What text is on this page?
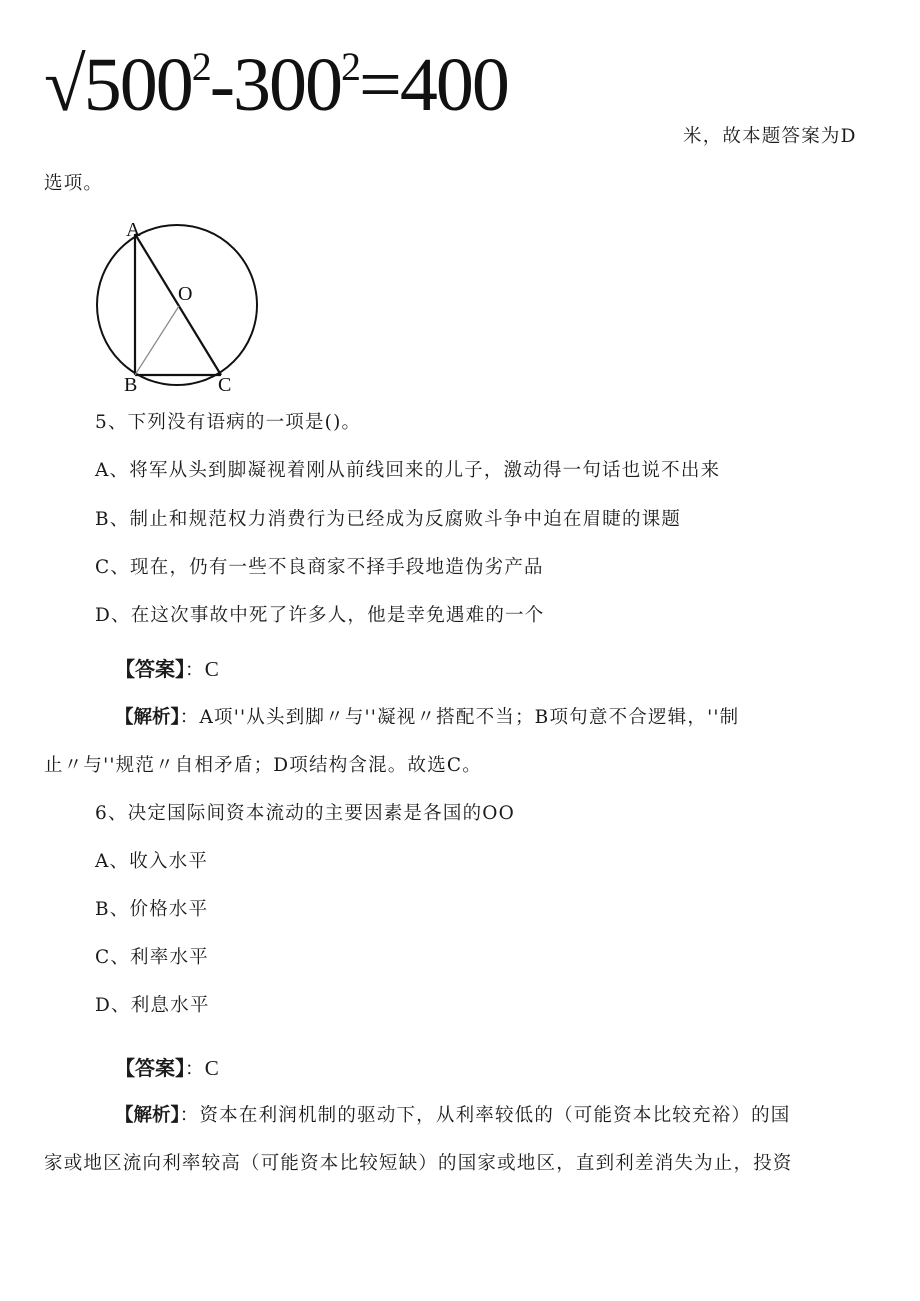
$√500^2-300^2=400$
米，故本题答案为D
选项。
A
O
B	C
5、下列没有语病的一项是()。
A、将军从头到脚凝视着刚从前线回来的儿子，激动得一句话也说不出来
B、制止和规范权力消费行为已经成为反腐败斗争中迫在眉睫的课题
C、现在，仍有一些不良商家不择手段地造伪劣产品
D、在这次事故中死了许多人，他是幸免遇难的一个
【答案】：C
【解析】：A项''从头到脚〃与''凝视〃搭配不当；B项句意不合逻辑，''制
止〃与''规范〃自相矛盾；D项结构含混。故选C。
6、决定国际间资本流动的主要因素是各国的OO
A、收入水平
B、价格水平
C、利率水平
D、利息水平
【答案】：C
【解析】：资本在利润机制的驱动下，从利率较低的（可能资本比较充裕）的国
家或地区流向利率较高（可能资本比较短缺）的国家或地区，直到利差消失为止，投资
